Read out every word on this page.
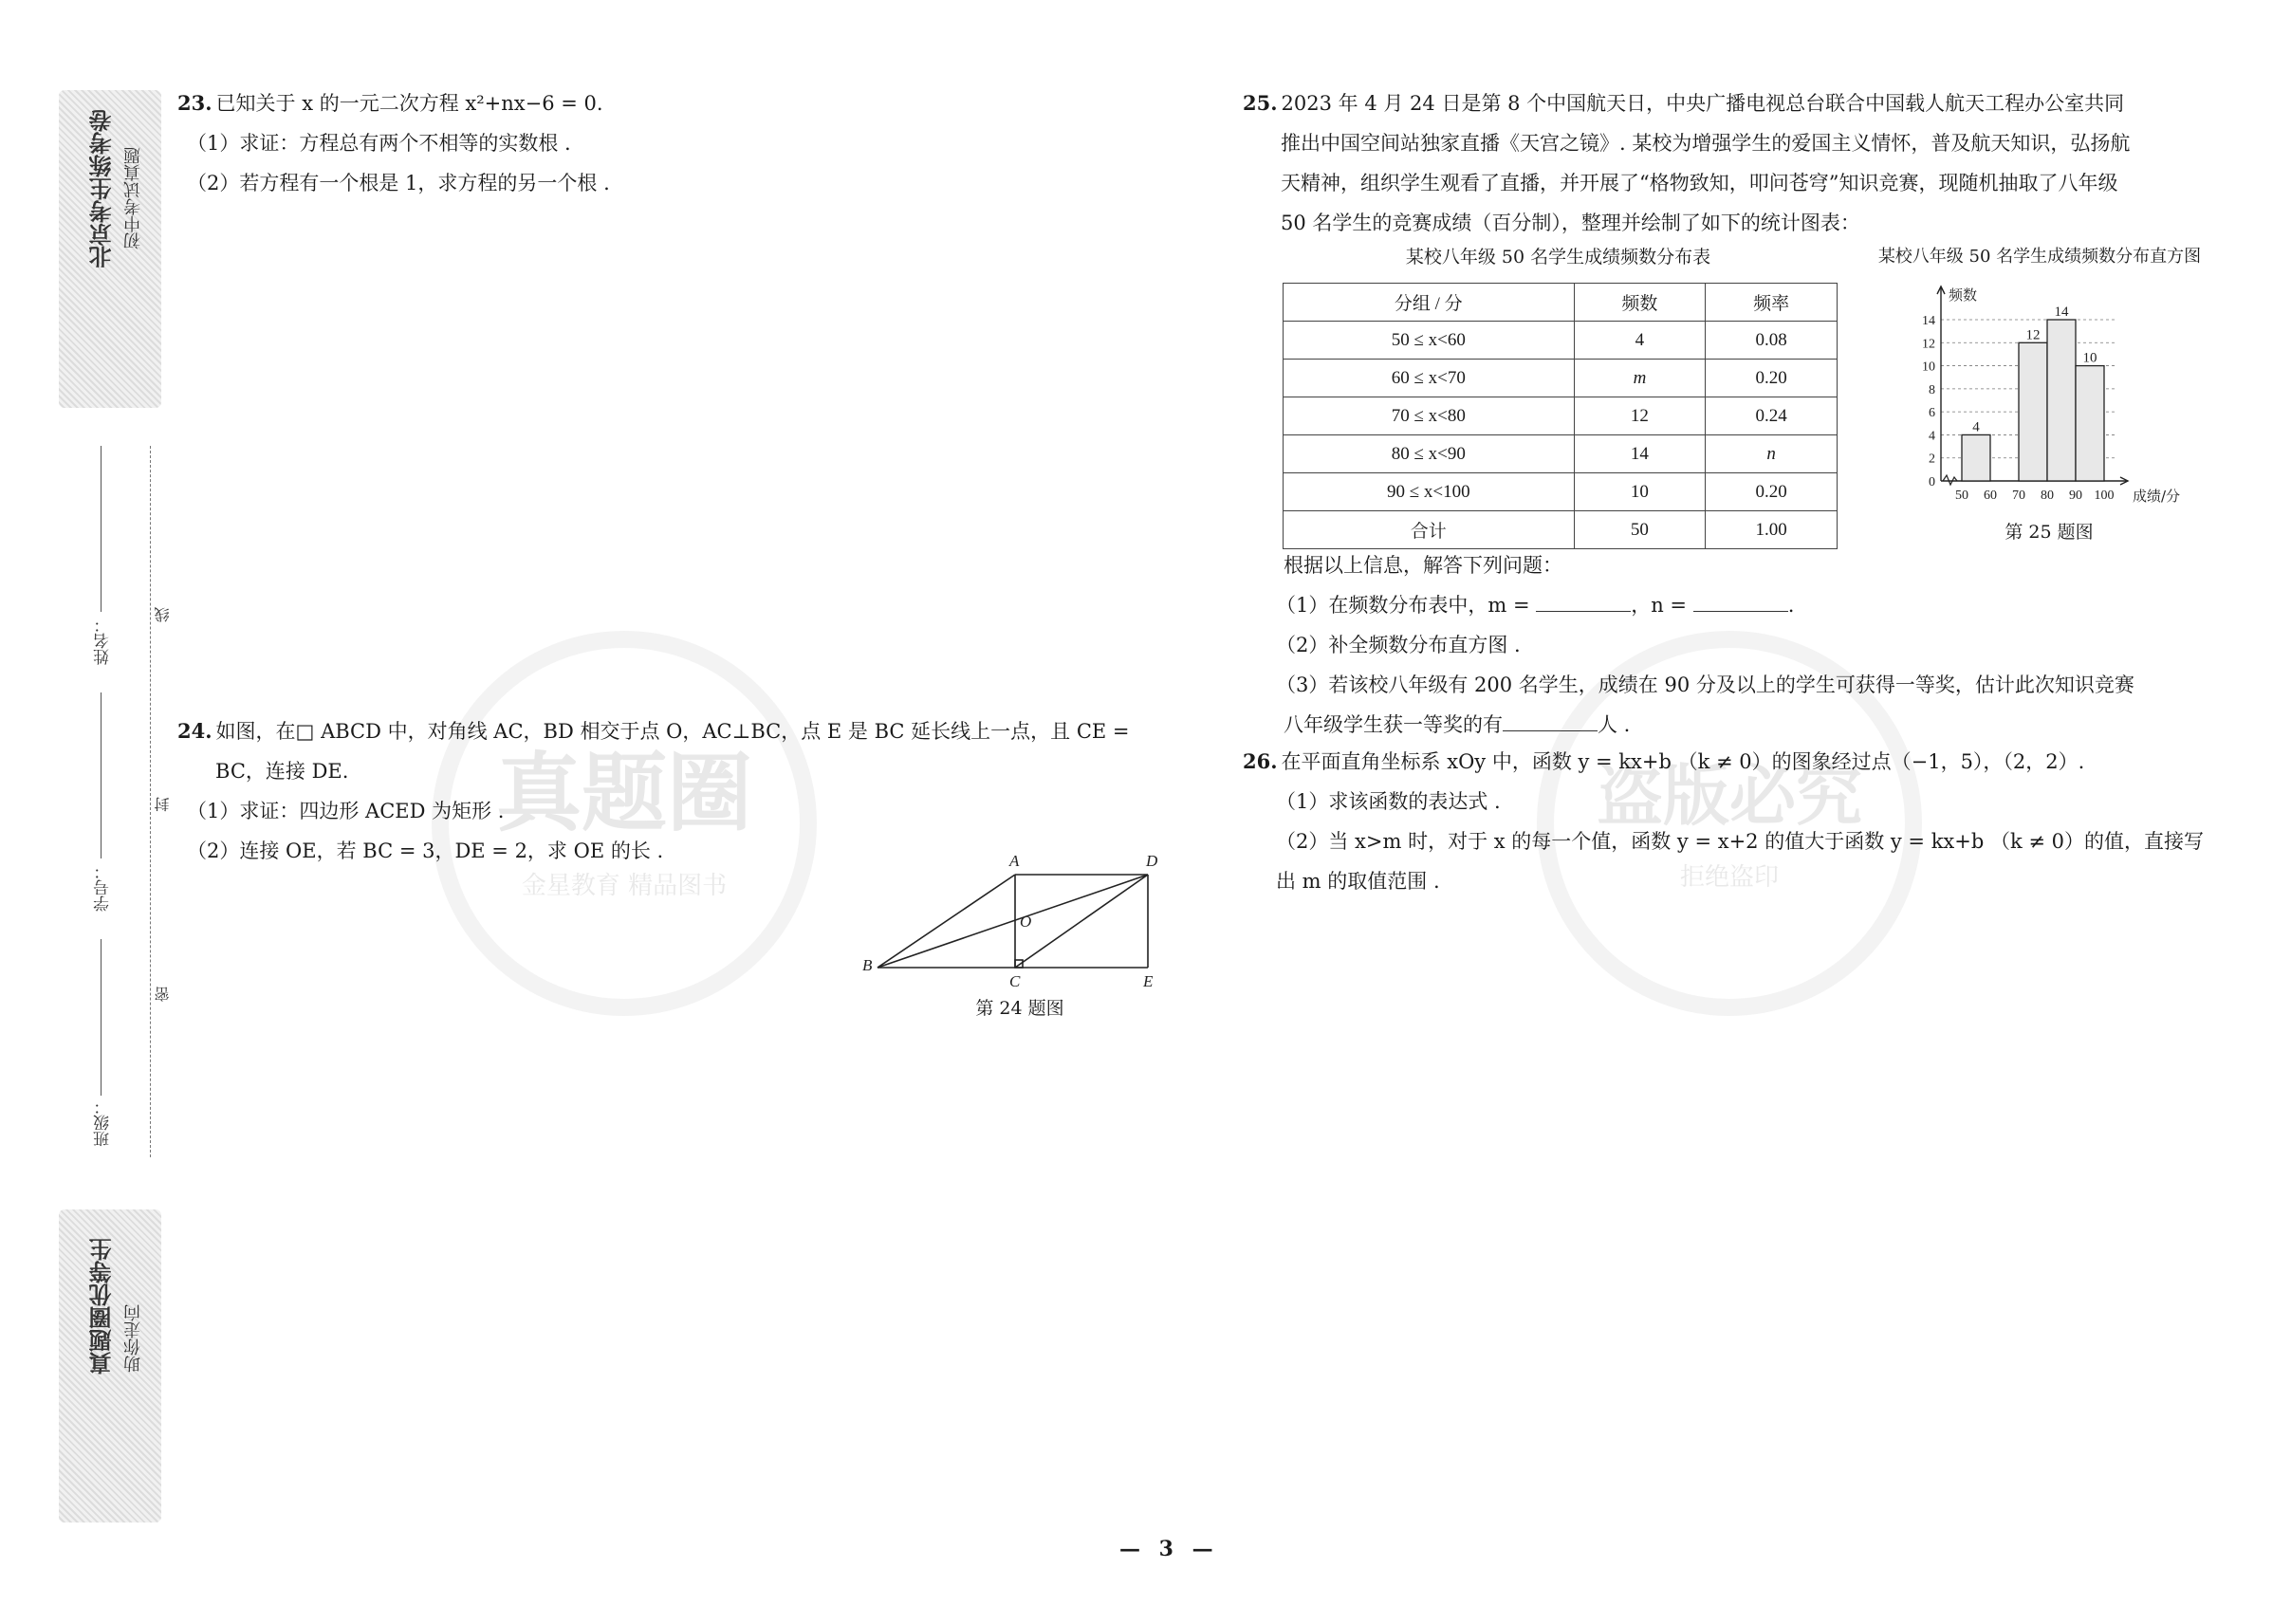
北京考生练考卷 初中考试真题
姓名：
学号：
班级：
线
封
密
真题圈优等生 助你走向
真题圈
金星教育 精品图书
盗版必究
拒绝盗印
23. 已知关于 x 的一元二次方程 x²+nx−6 = 0.
（1）求证：方程总有两个不相等的实数根 .
（2）若方程有一个根是 1，求方程的另一个根 .
24. 如图，在□ ABCD 中，对角线 AC，BD 相交于点 O，AC⊥BC，点 E 是 BC 延长线上一点，且 CE =
BC，连接 DE.
（1）求证：四边形 ACED 为矩形 .
（2）连接 OE，若 BC = 3，DE = 2，求 OE 的长 .	A	D
O
B
C	E
第 24 题图
25. 2023 年 4 月 24 日是第 8 个中国航天日，中央广播电视总台联合中国载人航天工程办公室共同
推出中国空间站独家直播《天宫之镜》. 某校为增强学生的爱国主义情怀，普及航天知识，弘扬航
天精神，组织学生观看了直播，并开展了“格物致知，叩问苍穹”知识竞赛，现随机抽取了八年级
50 名学生的竞赛成绩（百分制），整理并绘制了如下的统计图表：
某校八年级 50 名学生成绩频数分布表
分组 / 分	频数	频率
50 ≤ x<60	4	0.08
60 ≤ x<70	m	0.20
70 ≤ x<80	12	0.24
80 ≤ x<90	14	n
90 ≤ x<100	10	0.20
合计	50	1.00
某校八年级 50 名学生成绩频数分布直方图
0
2
4
6
8
10
12
14
50 60 70 80 90 100
频数
成绩/分
4
12
14
10
第 25 题图
根据以上信息，解答下列问题：
（1）在频数分布表中，m =	，n =	.
（2）补全频数分布直方图 .
（3）若该校八年级有 200 名学生，成绩在 90 分及以上的学生可获得一等奖，估计此次知识竞赛
八年级学生获一等奖的有	人 .
26. 在平面直角坐标系 xOy 中，函数 y = kx+b （k ≠ 0）的图象经过点（−1，5），（2，2）.
（1）求该函数的表达式 .
（2）当 x>m 时，对于 x 的每一个值，函数 y = x+2 的值大于函数 y = kx+b （k ≠ 0）的值，直接写
出 m 的取值范围 .
— 3 —
